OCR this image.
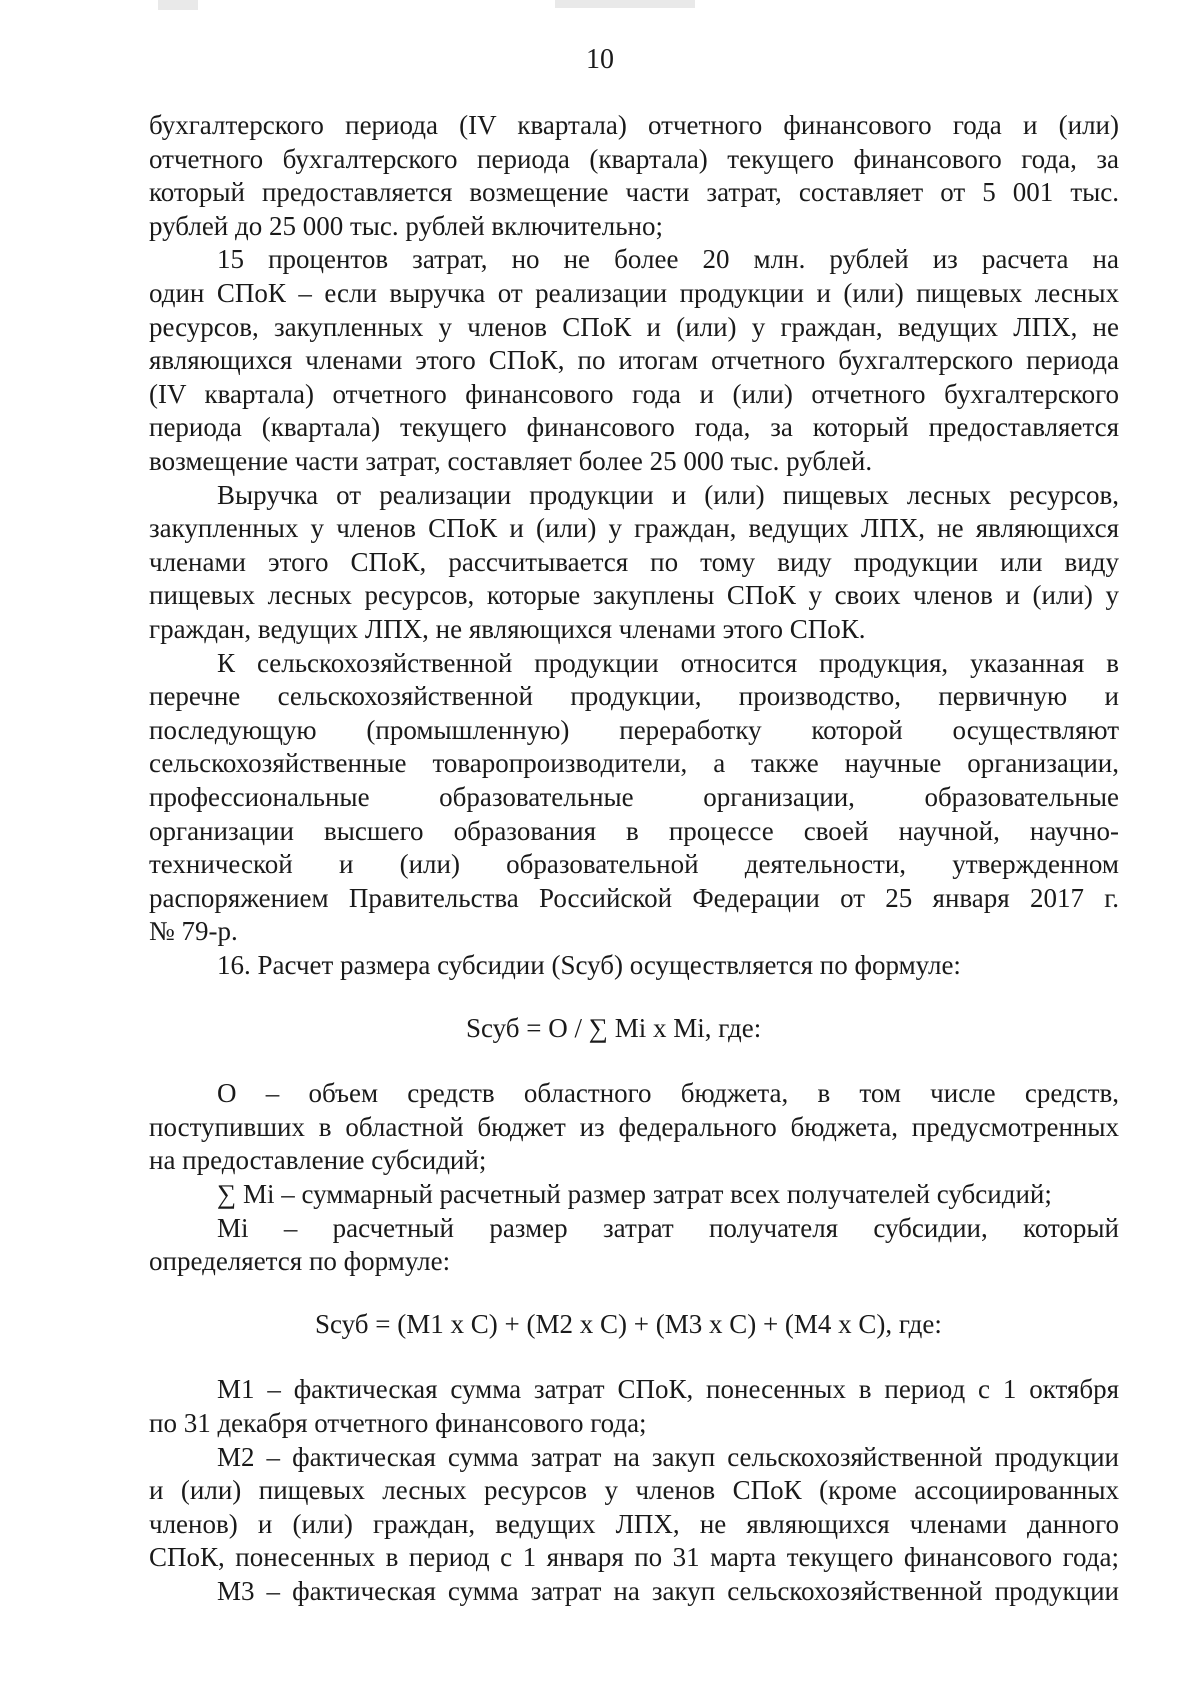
10
бухгалтерского периода (IV квартала) отчетного финансового года и (или)
отчетного бухгалтерского периода (квартала) текущего финансового года, за
который предоставляется возмещение части затрат, составляет от 5 001 тыс.
рублей до 25 000 тыс. рублей включительно;
15 процентов затрат, но не более 20 млн. рублей из расчета на
один СПоК – если выручка от реализации продукции и (или) пищевых лесных
ресурсов, закупленных у членов СПоК и (или) у граждан, ведущих ЛПХ, не
являющихся членами этого СПоК, по итогам отчетного бухгалтерского периода
(IV квартала) отчетного финансового года и (или) отчетного бухгалтерского
периода (квартала) текущего финансового года, за который предоставляется
возмещение части затрат, составляет более 25 000 тыс. рублей.
Выручка от реализации продукции и (или) пищевых лесных ресурсов,
закупленных у членов СПоК и (или) у граждан, ведущих ЛПХ, не являющихся
членами этого СПоК, рассчитывается по тому виду продукции или виду
пищевых лесных ресурсов, которые закуплены СПоК у своих членов и (или) у
граждан, ведущих ЛПХ, не являющихся членами этого СПоК.
К сельскохозяйственной продукции относится продукция, указанная в
перечне сельскохозяйственной продукции, производство, первичную и
последующую (промышленную) переработку которой осуществляют
сельскохозяйственные товаропроизводители, а также научные организации,
профессиональные образовательные организации, образовательные
организации высшего образования в процессе своей научной, научно-
технической и (или) образовательной деятельности, утвержденном
распоряжением Правительства Российской Федерации от 25 января 2017 г.
№ 79-р.
16. Расчет размера субсидии (Sсуб) осуществляется по формуле:
Sсуб = О / ∑ Mi x Mi, где:
О – объем средств областного бюджета, в том числе средств,
поступивших в областной бюджет из федерального бюджета, предусмотренных
на предоставление субсидий;
∑ Mi – суммарный расчетный размер затрат всех получателей субсидий;
Mi – расчетный размер затрат получателя субсидии, который
определяется по формуле:
Sсуб = (M1 x C) + (M2 x C) + (M3 x C) + (M4 x C), где:
M1 – фактическая сумма затрат СПоК, понесенных в период с 1 октября
по 31 декабря отчетного финансового года;
M2 – фактическая сумма затрат на закуп сельскохозяйственной продукции
и (или) пищевых лесных ресурсов у членов СПоК (кроме ассоциированных
членов) и (или) граждан, ведущих ЛПХ, не являющихся членами данного
СПоК, понесенных в период с 1 января по 31 марта текущего финансового года;
M3 – фактическая сумма затрат на закуп сельскохозяйственной продукции
